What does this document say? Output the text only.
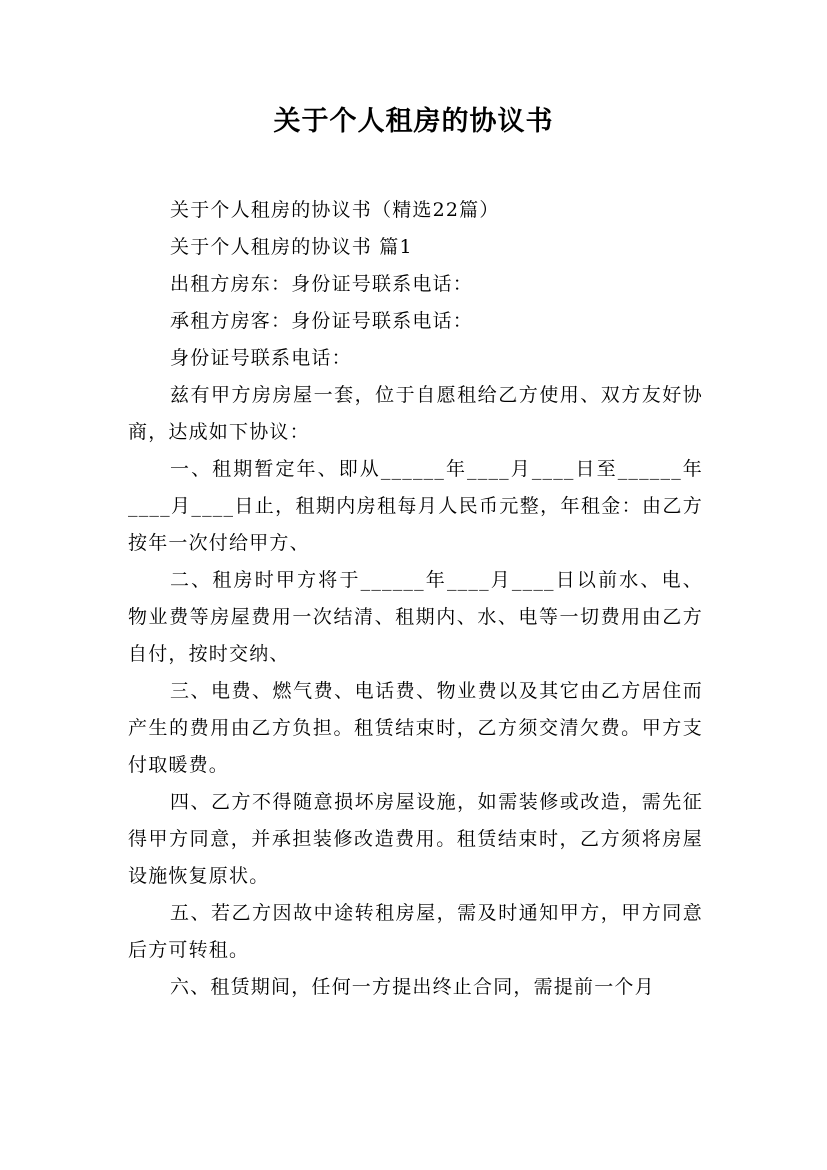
关于个人租房的协议书

关于个人租房的协议书（精选22篇）

关于个人租房的协议书 篇1

出租方房东：身份证号联系电话：

承租方房客：身份证号联系电话：

身份证号联系电话：

兹有甲方房房屋一套，位于自愿租给乙方使用、双方友好协商，达成如下协议：

一、租期暂定年、即从______年____月____日至______年____月____日止，租期内房租每月人民币元整，年租金：由乙方按年一次付给甲方、

二、租房时甲方将于______年____月____日以前水、电、物业费等房屋费用一次结清、租期内、水、电等一切费用由乙方自付，按时交纳、

三、电费、燃气费、电话费、物业费以及其它由乙方居住而产生的费用由乙方负担。租赁结束时，乙方须交清欠费。甲方支付取暖费。

四、乙方不得随意损坏房屋设施，如需装修或改造，需先征得甲方同意，并承担装修改造费用。租赁结束时，乙方须将房屋设施恢复原状。

五、若乙方因故中途转租房屋，需及时通知甲方，甲方同意后方可转租。

六、租赁期间，任何一方提出终止合同，需提前一个月
